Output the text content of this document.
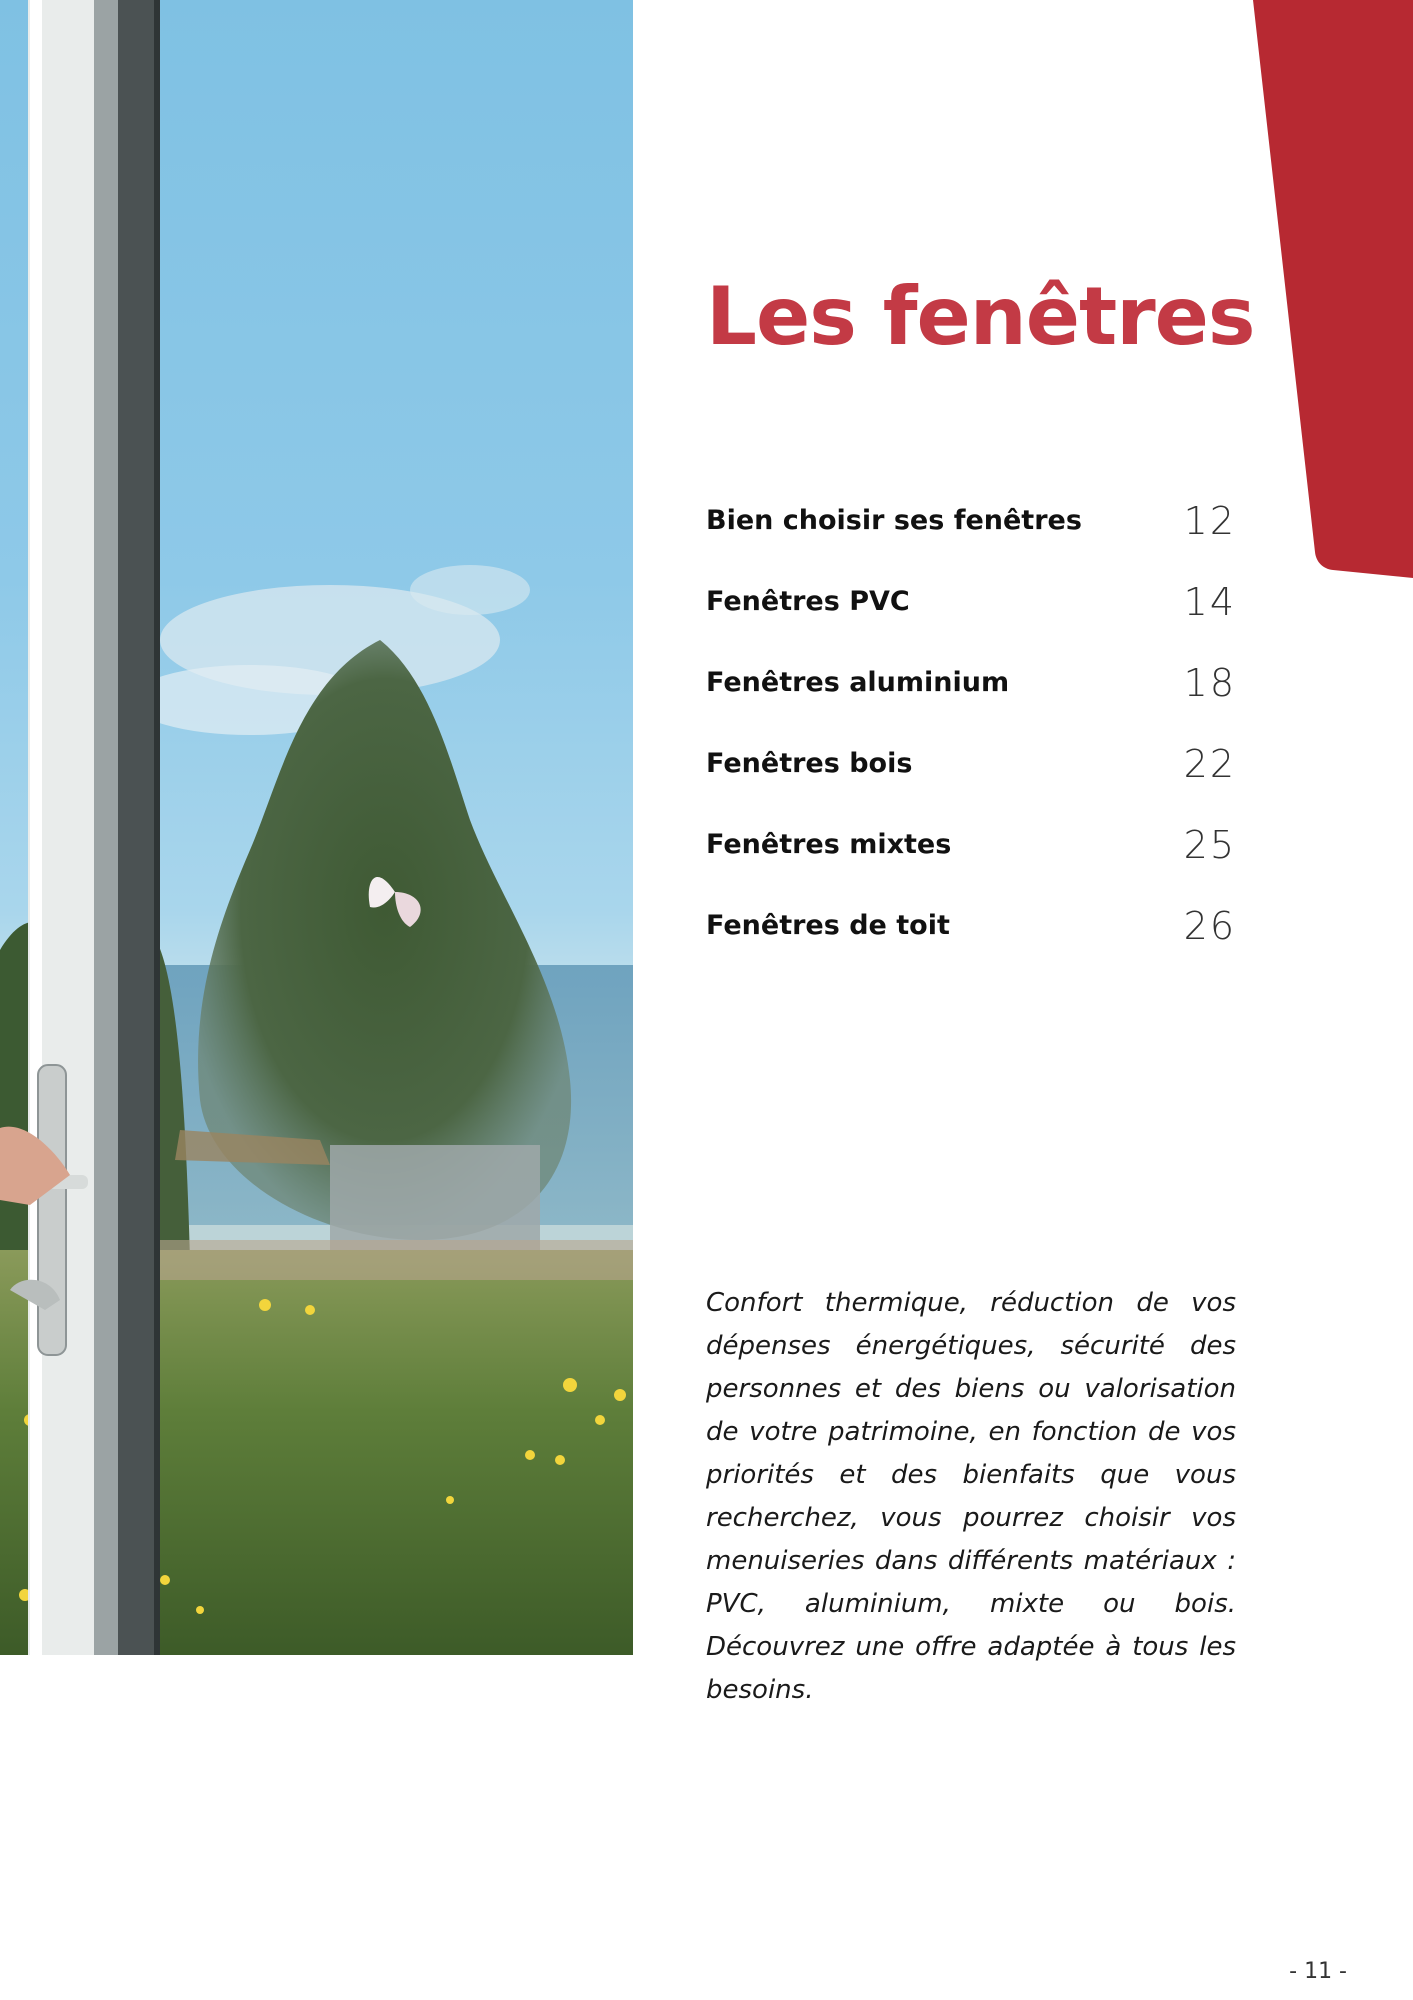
Les fenêtres
Bien choisir ses fenêtres	12
Fenêtres PVC	14
Fenêtres aluminium	18
Fenêtres bois	22
Fenêtres mixtes	25
Fenêtres de toit	26

Confort thermique, réduction de vos dépenses énergétiques, sécurité des personnes et des biens ou valorisation de votre patrimoine, en fonction de vos priorités et des bienfaits que vous recherchez, vous pourrez choisir vos menuiseries dans différents matériaux : PVC, aluminium, mixte ou bois. Découvrez une offre adaptée à tous les besoins.

- 11 -
